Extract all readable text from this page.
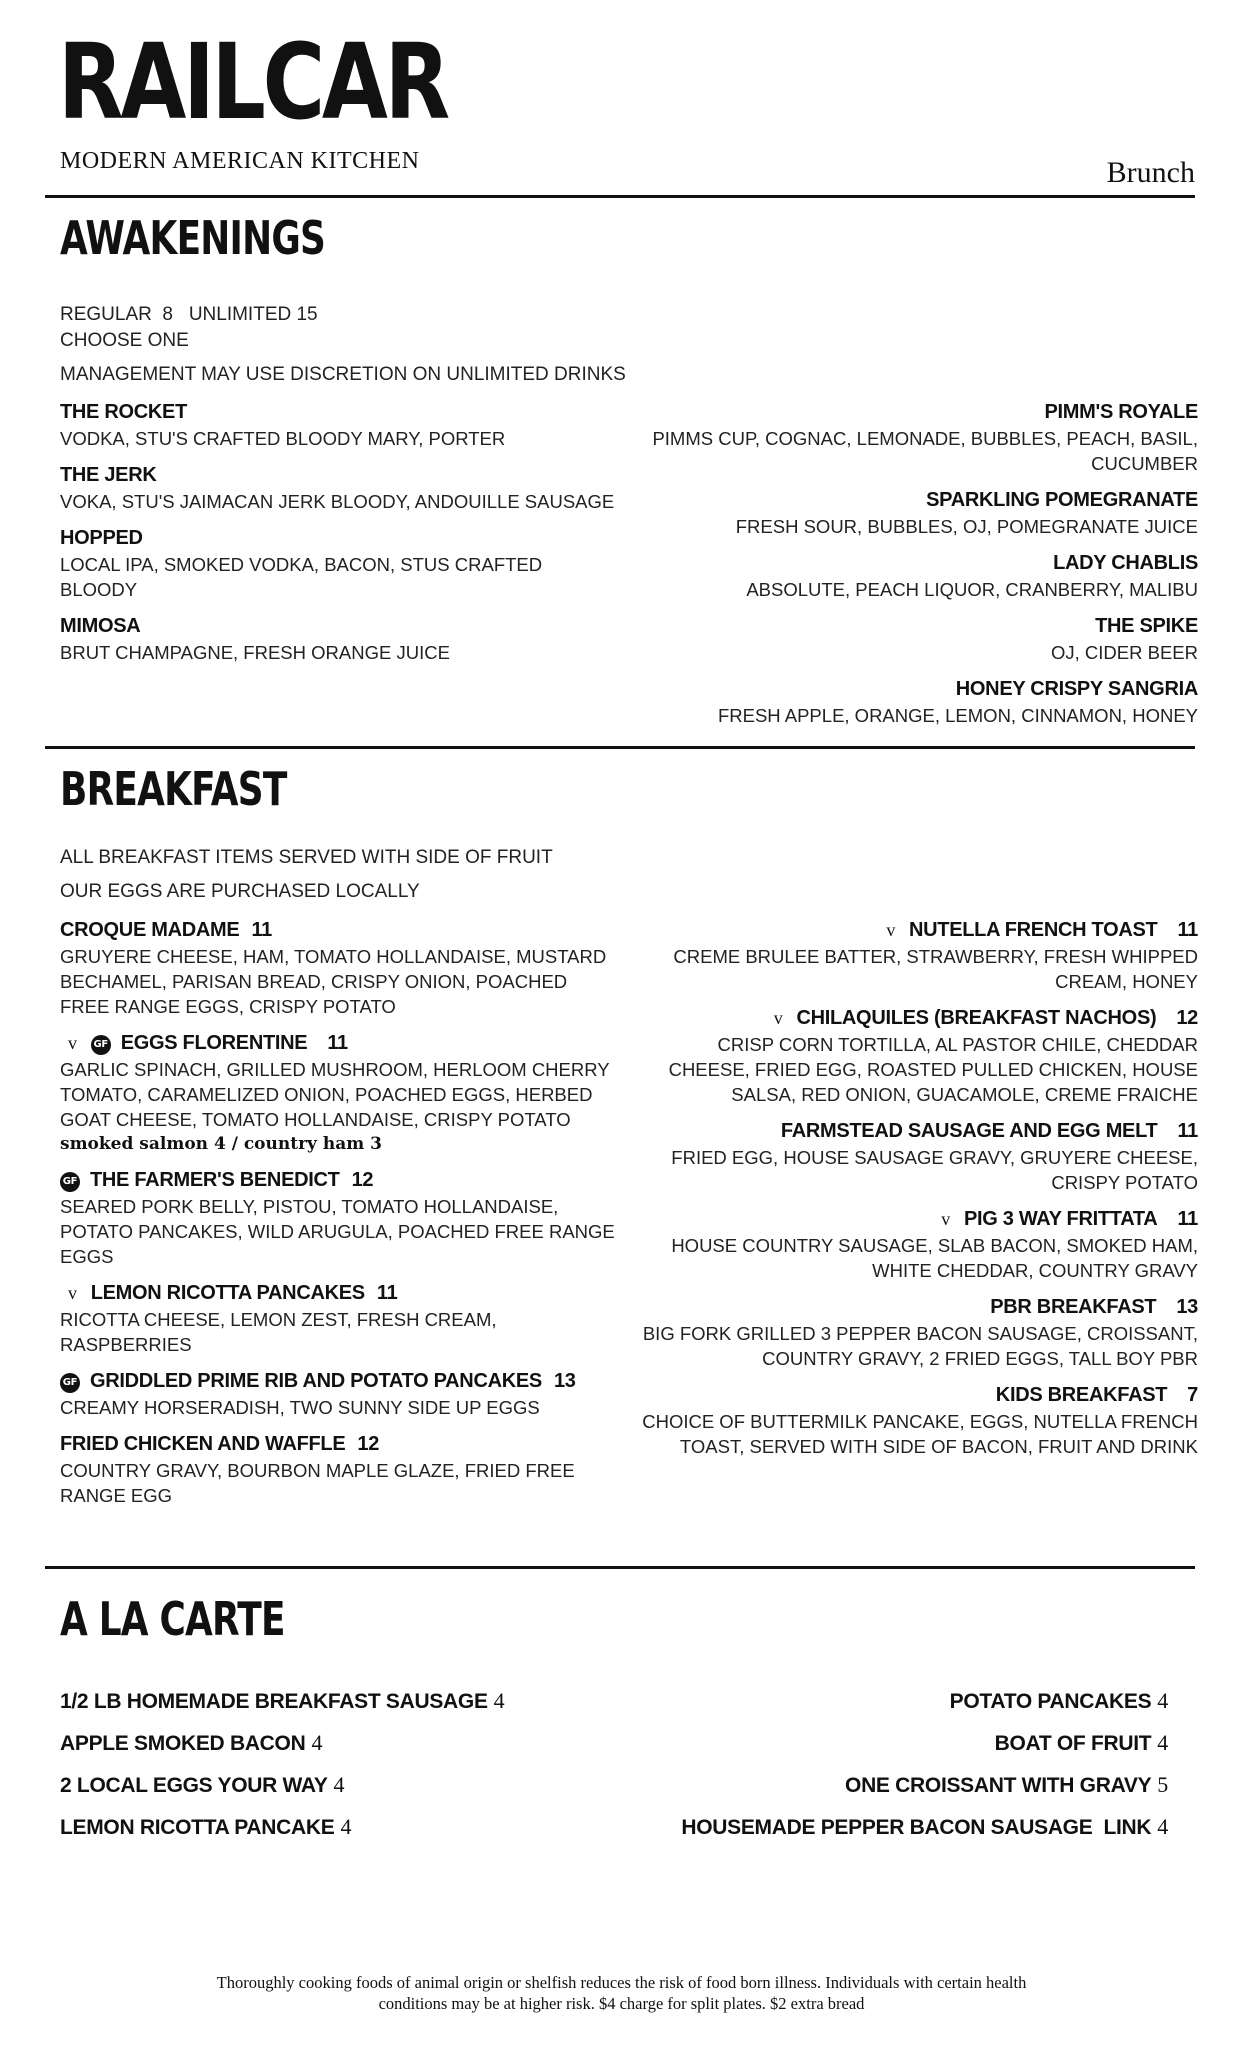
RAILCAR
MODERN AMERICAN KITCHEN	Brunch
AWAKENINGS
REGULAR  8   UNLIMITED 15
CHOOSE ONE
MANAGEMENT MAY USE DISCRETION ON UNLIMITED DRINKS
THE ROCKET
VODKA, STU'S CRAFTED BLOODY MARY, PORTER
THE JERK
VOKA, STU'S JAIMACAN JERK BLOODY, ANDOUILLE SAUSAGE
HOPPED
LOCAL IPA, SMOKED VODKA, BACON, STUS CRAFTED BLOODY
MIMOSA
BRUT CHAMPAGNE, FRESH ORANGE JUICE
PIMM'S ROYALE
PIMMS CUP, COGNAC, LEMONADE, BUBBLES, PEACH, BASIL, CUCUMBER
SPARKLING POMEGRANATE
FRESH SOUR, BUBBLES, OJ, POMEGRANATE JUICE
LADY CHABLIS
ABSOLUTE, PEACH LIQUOR, CRANBERRY, MALIBU
THE SPIKE
OJ, CIDER BEER
HONEY CRISPY SANGRIA
FRESH APPLE, ORANGE, LEMON, CINNAMON, HONEY
BREAKFAST
ALL BREAKFAST ITEMS SERVED WITH SIDE OF FRUIT
OUR EGGS ARE PURCHASED LOCALLY
CROQUE MADAME 11
GRUYERE CHEESE, HAM, TOMATO HOLLANDAISE, MUSTARD BECHAMEL, PARISAN BREAD, CRISPY ONION, POACHED FREE RANGE EGGS, CRISPY POTATO
v GF EGGS FLORENTINE 11
GARLIC SPINACH, GRILLED MUSHROOM, HERLOOM CHERRY TOMATO, CARAMELIZED ONION, POACHED EGGS, HERBED GOAT CHEESE, TOMATO HOLLANDAISE, CRISPY POTATO
smoked salmon 4 / country ham 3
GF THE FARMER'S BENEDICT 12
SEARED PORK BELLY, PISTOU, TOMATO HOLLANDAISE, POTATO PANCAKES, WILD ARUGULA, POACHED FREE RANGE EGGS
v LEMON RICOTTA PANCAKES 11
RICOTTA CHEESE, LEMON ZEST, FRESH CREAM, RASPBERRIES
GF GRIDDLED PRIME RIB AND POTATO PANCAKES 13
CREAMY HORSERADISH, TWO SUNNY SIDE UP EGGS
FRIED CHICKEN AND WAFFLE 12
COUNTRY GRAVY, BOURBON MAPLE GLAZE, FRIED FREE RANGE EGG
v NUTELLA FRENCH TOAST 11
CREME BRULEE BATTER, STRAWBERRY, FRESH WHIPPED CREAM, HONEY
v CHILAQUILES (BREAKFAST NACHOS) 12
CRISP CORN TORTILLA, AL PASTOR CHILE, CHEDDAR CHEESE, FRIED EGG, ROASTED PULLED CHICKEN, HOUSE SALSA, RED ONION, GUACAMOLE, CREME FRAICHE
FARMSTEAD SAUSAGE AND EGG MELT 11
FRIED EGG, HOUSE SAUSAGE GRAVY, GRUYERE CHEESE, CRISPY POTATO
v PIG 3 WAY FRITTATA 11
HOUSE COUNTRY SAUSAGE, SLAB BACON, SMOKED HAM, WHITE CHEDDAR, COUNTRY GRAVY
PBR BREAKFAST 13
BIG FORK GRILLED 3 PEPPER BACON SAUSAGE, CROISSANT, COUNTRY GRAVY, 2 FRIED EGGS, TALL BOY PBR
KIDS BREAKFAST 7
CHOICE OF BUTTERMILK PANCAKE, EGGS, NUTELLA FRENCH TOAST, SERVED WITH SIDE OF BACON, FRUIT AND DRINK
A LA CARTE
1/2 LB HOMEMADE BREAKFAST SAUSAGE 4
APPLE SMOKED BACON 4
2 LOCAL EGGS YOUR WAY 4
LEMON RICOTTA PANCAKE 4
POTATO PANCAKES 4
BOAT OF FRUIT 4
ONE CROISSANT WITH GRAVY 5
HOUSEMADE PEPPER BACON SAUSAGE  LINK 4
Thoroughly cooking foods of animal origin or shelfish reduces the risk of food born illness. Individuals with certain health
conditions may be at higher risk. $4 charge for split plates. $2 extra bread
